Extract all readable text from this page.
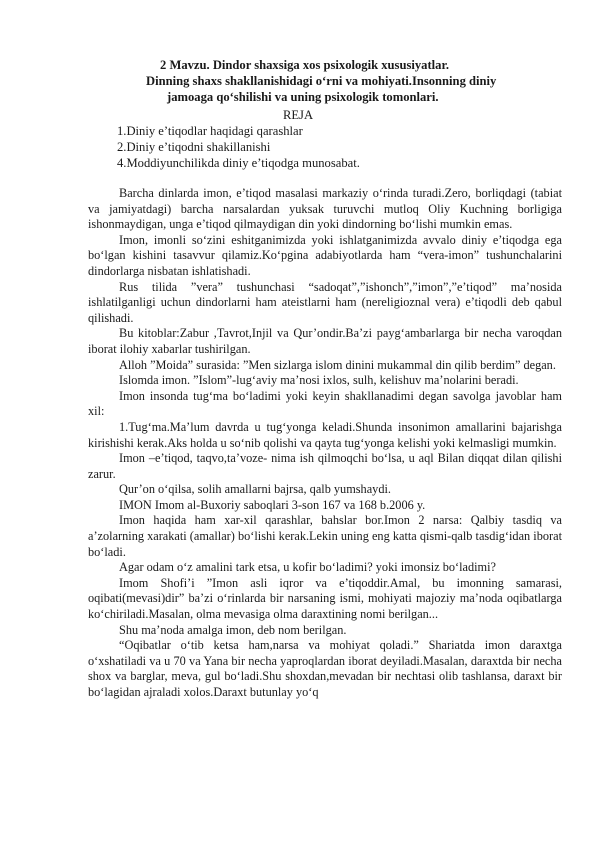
2 Mavzu. Dindor shaxsiga xos psixologik xususiyatlar.
Dinning shaxs shakllanishidagi o‘rni va mohiyati.Insonning diniy
jamoaga qo‘shilishi va uning psixologik tomonlari.
REJA
1.Diniy e’tiqodlar haqidagi qarashlar
2.Diniy e’tiqodni shakillanishi
4.Moddiyunchilikda diniy e’tiqodga munosabat.

Barcha dinlarda imon, e’tiqod masalasi markaziy o‘rinda turadi.Zero, borliqdagi (tabiat va jamiyatdagi) barcha narsalardan yuksak turuvchi mutloq Oliy Kuchning borligiga ishonmaydigan, unga e’tiqod qilmaydigan din yoki dindorning bo‘lishi mumkin emas.

Imon, imonli so‘zini eshitganimizda yoki ishlatganimizda avvalo diniy e’tiqodga ega bo‘lgan kishini tasavvur qilamiz.Ko‘pgina adabiyotlarda ham “vera-imon” tushunchalarini dindorlarga nisbatan ishlatishadi.

Rus tilida ”vera” tushunchasi “sadoqat”,”ishonch”,”imon”,”e’tiqod” ma’nosida ishlatilganligi uchun dindorlarni ham ateistlarni ham (nereligioznal vera) e’tiqodli deb qabul qilishadi.

Bu kitoblar:Zabur ,Tavrot,Injil va Qur’ondir.Ba’zi payg‘ambarlarga bir necha varoqdan iborat ilohiy xabarlar tushirilgan.

Alloh ”Moida” surasida: ”Men sizlarga islom dinini mukammal din qilib berdim” degan.

Islomda imon. ”Islom”-lug‘aviy ma’nosi ixlos, sulh, kelishuv ma’nolarini beradi.

Imon insonda tug‘ma bo‘ladimi yoki keyin shakllanadimi degan savolga javoblar ham xil:

1.Tug‘ma.Ma’lum davrda u tug‘yonga keladi.Shunda insonimon amallarini bajarishga kirishishi kerak.Aks holda u so‘nib qolishi va qayta tug‘yonga kelishi yoki kelmasligi mumkin.

Imon –e’tiqod, taqvo,ta’voze- nima ish qilmoqchi bo‘lsa, u aql Bilan diqqat dilan qilishi zarur.

Qur’on o‘qilsa, solih amallarni bajrsa, qalb yumshaydi.

IMON Imom al-Buxoriy saboqlari 3-son 167 va 168 b.2006 y.

Imon haqida ham xar-xil qarashlar, bahslar bor.Imon 2 narsa: Qalbiy tasdiq va a’zolarning xarakati (amallar) bo‘lishi kerak.Lekin uning eng katta qismi-qalb tasdig‘idan iborat bo‘ladi.

Agar odam o‘z amalini tark etsa, u kofir bo‘ladimi? yoki imonsiz bo‘ladimi?

Imom Shofi’i ”Imon asli iqror va e’tiqoddir.Amal, bu imonning samarasi, oqibati(mevasi)dir” ba’zi o‘rinlarda bir narsaning ismi, mohiyati majoziy ma’noda oqibatlarga ko‘chiriladi.Masalan, olma mevasiga olma daraxtining nomi berilgan...

Shu ma’noda amalga imon, deb nom berilgan.

“Oqibatlar o‘tib ketsa ham,narsa va mohiyat qoladi.” Shariatda imon daraxtga o‘xshatiladi va u 70 va Yana bir necha yaproqlardan iborat deyiladi.Masalan, daraxtda bir necha shox va barglar, meva, gul bo‘ladi.Shu shoxdan,mevadan bir nechtasi olib tashlansa, daraxt bir bo‘lagidan ajraladi xolos.Daraxt butunlay yo‘q
